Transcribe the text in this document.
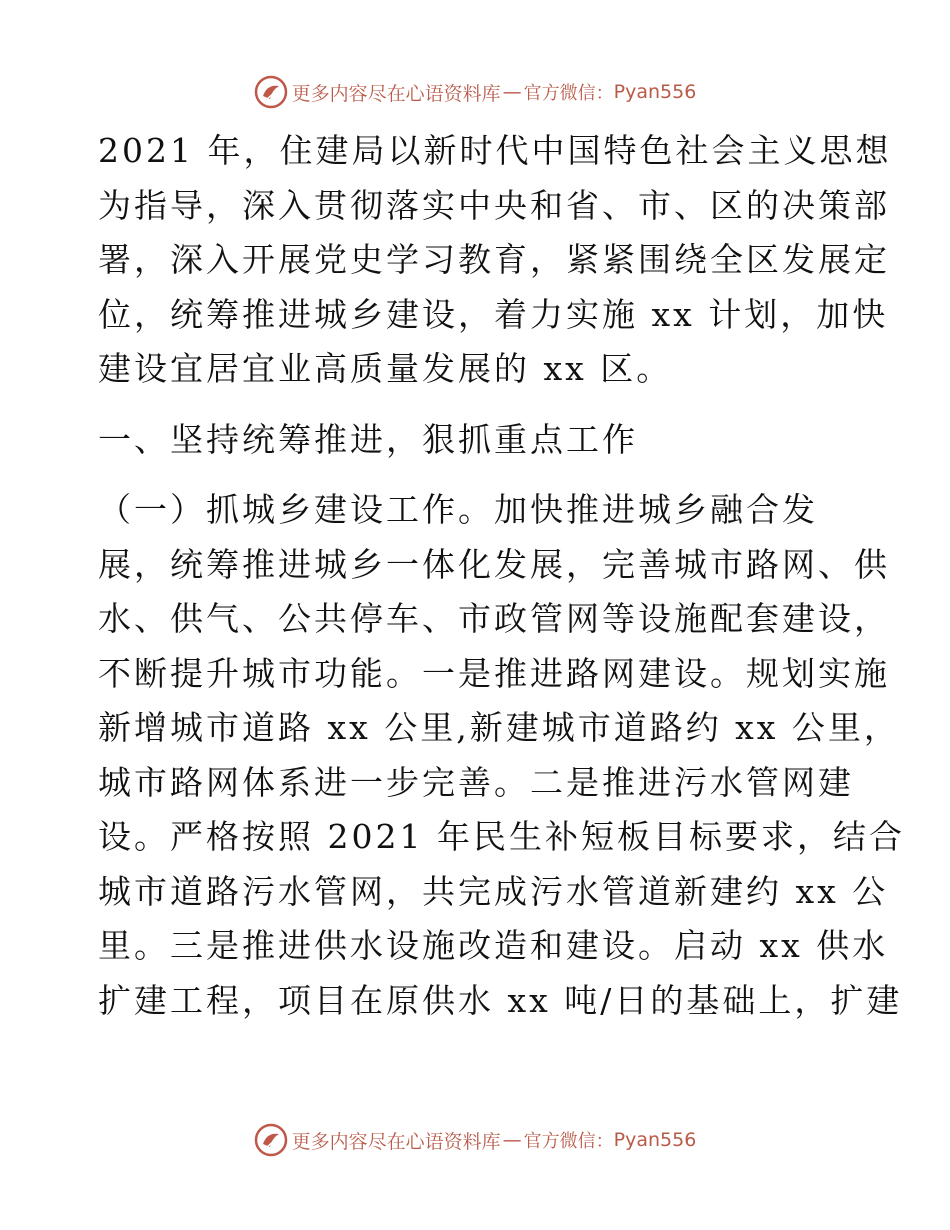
更多内容尽在心语资料库 — 官方微信： Pyan556
2021 年，住建局以新时代中国特色社会主义思想
为指导，深入贯彻落实中央和省、市、区的决策部
署，深入开展党史学习教育，紧紧围绕全区发展定
位，统筹推进城乡建设，着力实施 xx 计划，加快
建设宜居宜业高质量发展的 xx 区。
一、坚持统筹推进，狠抓重点工作
（一）抓城乡建设工作。加快推进城乡融合发
展，统筹推进城乡一体化发展，完善城市路网、供
水、供气、公共停车、市政管网等设施配套建设，
不断提升城市功能。一是推进路网建设。规划实施
新增城市道路 xx 公里,新建城市道路约 xx 公里，
城市路网体系进一步完善。二是推进污水管网建
设。严格按照 2021 年民生补短板目标要求，结合
城市道路污水管网，共完成污水管道新建约 xx 公
里。三是推进供水设施改造和建设。启动 xx 供水
扩建工程，项目在原供水 xx 吨/日的基础上，扩建
更多内容尽在心语资料库 — 官方微信： Pyan556
